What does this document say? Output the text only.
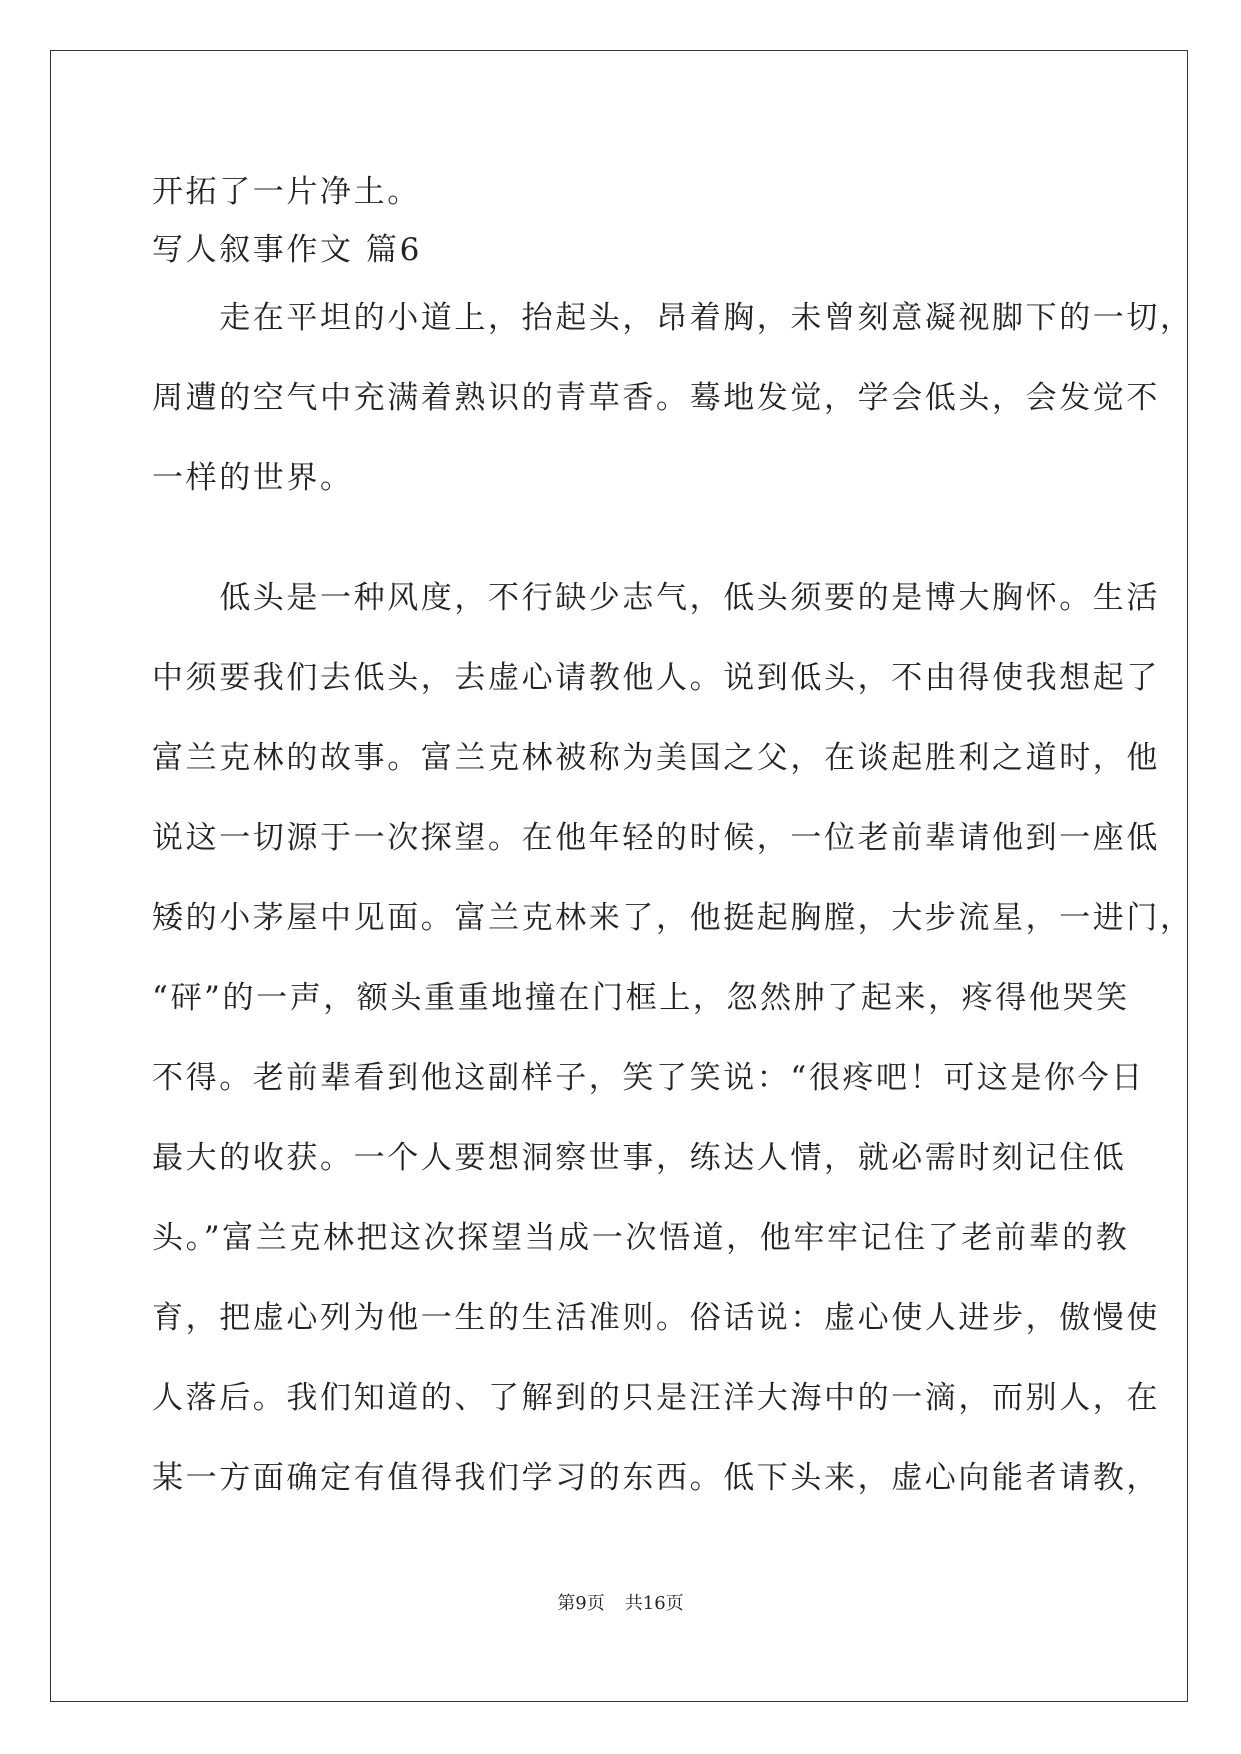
开拓了一片净土。
写人叙事作文 篇6
　　走在平坦的小道上，抬起头，昂着胸，未曾刻意凝视脚下的一切，
周遭的空气中充满着熟识的青草香。蓦地发觉，学会低头，会发觉不
一样的世界。
　　低头是一种风度，不行缺少志气，低头须要的是博大胸怀。生活
中须要我们去低头，去虚心请教他人。说到低头，不由得使我想起了
富兰克林的故事。富兰克林被称为美国之父，在谈起胜利之道时，他
说这一切源于一次探望。在他年轻的时候，一位老前辈请他到一座低
矮的小茅屋中见面。富兰克林来了，他挺起胸膛，大步流星，一进门，
“砰”的一声，额头重重地撞在门框上，忽然肿了起来，疼得他哭笑
不得。老前辈看到他这副样子，笑了笑说：“很疼吧！可这是你今日
最大的收获。一个人要想洞察世事，练达人情，就必需时刻记住低
头。”富兰克林把这次探望当成一次悟道，他牢牢记住了老前辈的教
育，把虚心列为他一生的生活准则。俗话说：虚心使人进步，傲慢使
人落后。我们知道的、了解到的只是汪洋大海中的一滴，而别人，在
某一方面确定有值得我们学习的东西。低下头来，虚心向能者请教，
第9页 共16页
